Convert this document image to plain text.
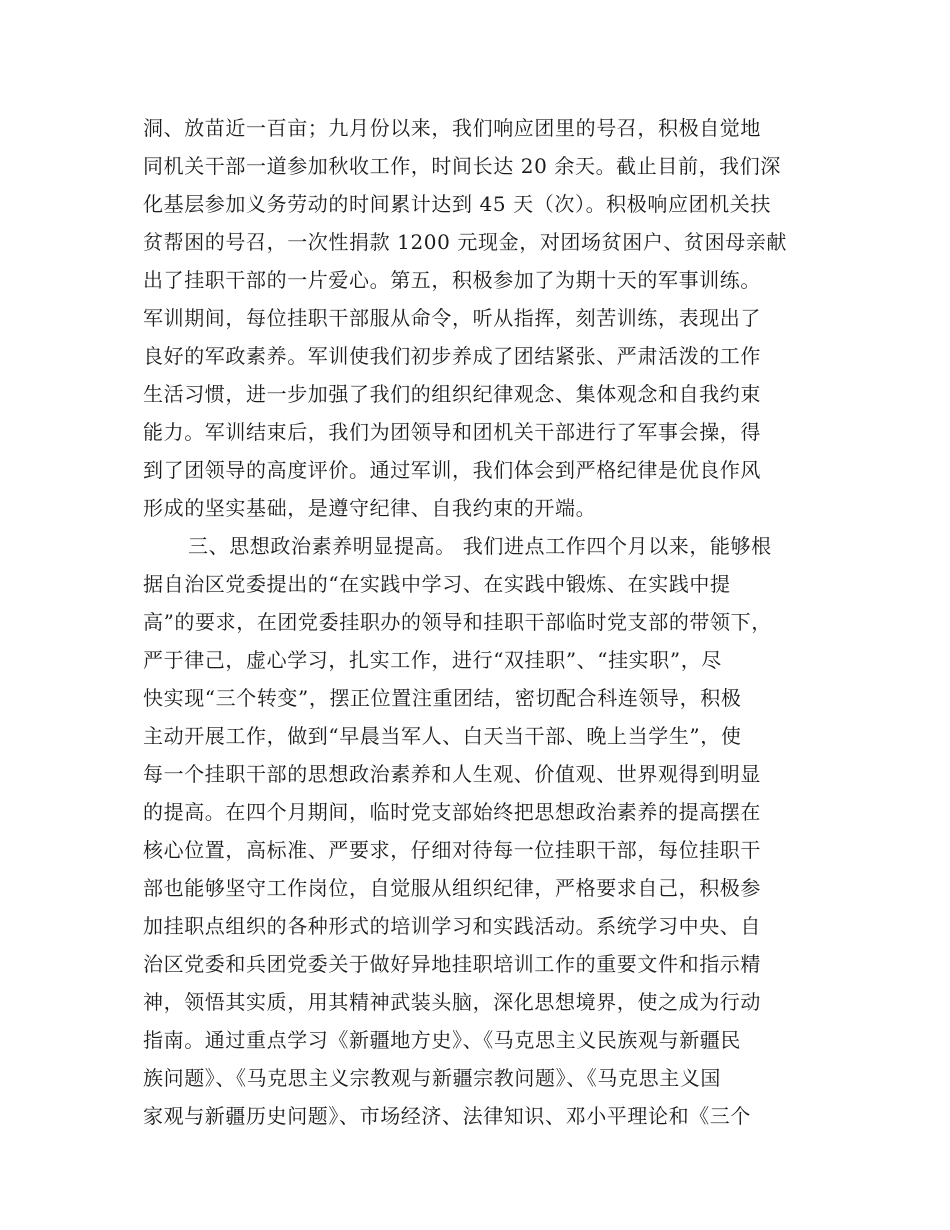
洞、放苗近一百亩；九月份以来，我们响应团里的号召，积极自觉地

同机关干部一道参加秋收工作，时间长达 20 余天。截止目前，我们深

化基层参加义务劳动的时间累计达到 45 天（次）。积极响应团机关扶

贫帮困的号召，一次性捐款 1200 元现金，对团场贫困户、贫困母亲献

出了挂职干部的一片爱心。第五，积极参加了为期十天的军事训练。

军训期间，每位挂职干部服从命令，听从指挥，刻苦训练，表现出了

良好的军政素养。军训使我们初步养成了团结紧张、严肃活泼的工作

生活习惯，进一步加强了我们的组织纪律观念、集体观念和自我约束

能力。军训结束后，我们为团领导和团机关干部进行了军事会操，得

到了团领导的高度评价。通过军训，我们体会到严格纪律是优良作风

形成的坚实基础，是遵守纪律、自我约束的开端。

三、思想政治素养明显提高。 我们进点工作四个月以来，能够根

据自治区党委提出的“在实践中学习、在实践中锻炼、在实践中提

高”的要求，在团党委挂职办的领导和挂职干部临时党支部的带领下，

严于律己，虚心学习，扎实工作，进行“双挂职”、“挂实职”，尽

快实现“三个转变”，摆正位置注重团结，密切配合科连领导，积极

主动开展工作，做到“早晨当军人、白天当干部、晚上当学生”，使

每一个挂职干部的思想政治素养和人生观、价值观、世界观得到明显

的提高。在四个月期间，临时党支部始终把思想政治素养的提高摆在

核心位置，高标准、严要求，仔细对待每一位挂职干部，每位挂职干

部也能够坚守工作岗位，自觉服从组织纪律，严格要求自己，积极参

加挂职点组织的各种形式的培训学习和实践活动。系统学习中央、自

治区党委和兵团党委关于做好异地挂职培训工作的重要文件和指示精

神，领悟其实质，用其精神武装头脑，深化思想境界，使之成为行动

指南。通过重点学习《新疆地方史》、《马克思主义民族观与新疆民

族问题》、《马克思主义宗教观与新疆宗教问题》、《马克思主义国

家观与新疆历史问题》、市场经济、法律知识、邓小平理论和《三个
